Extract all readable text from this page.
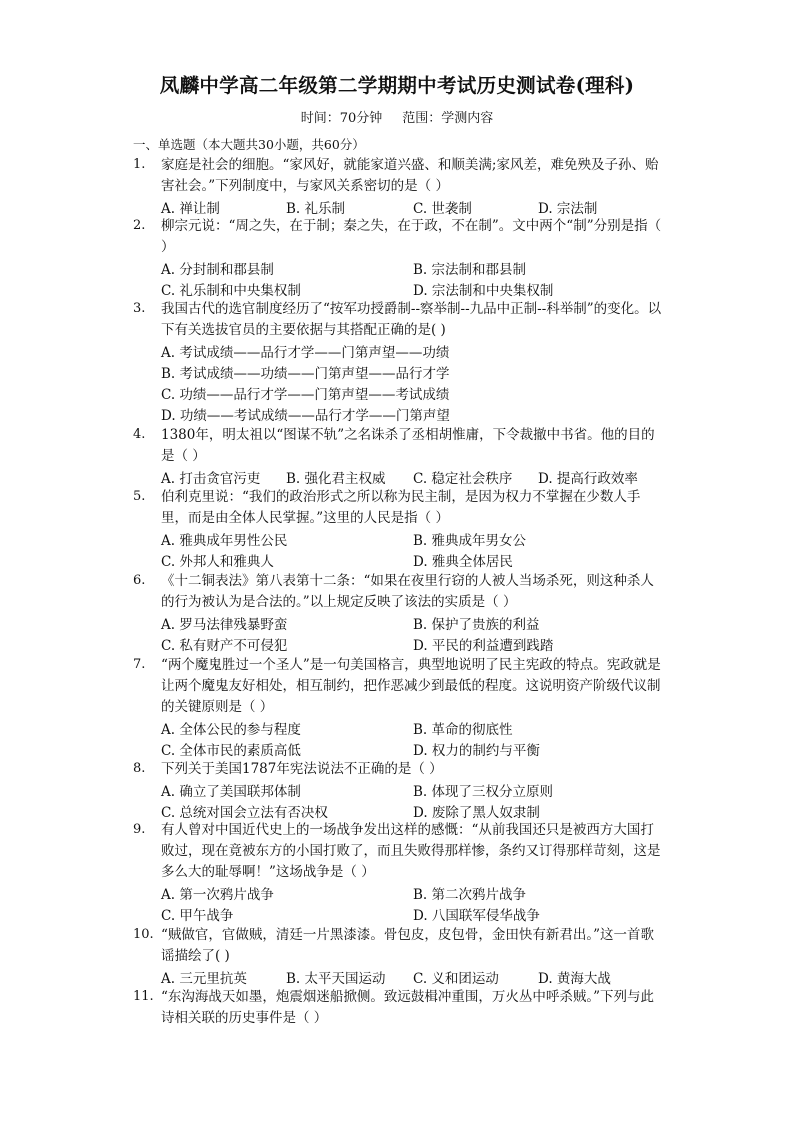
凤麟中学高二年级第二学期期中考试历史测试卷(理科)
时间：70分钟 范围：学测内容
一、单选题（本大题共30小题，共60分）
1. 家庭是社会的细胞。“家风好，就能家道兴盛、和顺美满;家风差，难免殃及子孙、贻害社会。”下列制度中，与家风关系密切的是（ ）
A. 禅让制	B. 礼乐制	C. 世袭制	D. 宗法制
2. 柳宗元说：“周之失，在于制；秦之失，在于政，不在制”。文中两个“制”分别是指（ ）
A. 分封制和郡县制	B. 宗法制和郡县制
C. 礼乐制和中央集权制	D. 宗法制和中央集权制
3. 我国古代的选官制度经历了“按军功授爵制--察举制--九品中正制--科举制”的变化。以下有关选拔官员的主要依据与其搭配正确的是( )
A. 考试成绩——品行才学——门第声望——功绩
B. 考试成绩——功绩——门第声望——品行才学
C. 功绩——品行才学——门第声望——考试成绩
D. 功绩——考试成绩——品行才学——门第声望
4. 1380年，明太祖以“图谋不轨”之名诛杀了丞相胡惟庸，下令裁撤中书省。他的目的是（ ）
A. 打击贪官污吏 B. 强化君主权威 C. 稳定社会秩序 D. 提高行政效率
5. 伯利克里说：“我们的政治形式之所以称为民主制，是因为权力不掌握在少数人手里，而是由全体人民掌握。”这里的人民是指（ ）
A. 雅典成年男性公民	B. 雅典成年男女公
C. 外邦人和雅典人	D. 雅典全体居民
6. 《十二铜表法》第八表第十二条：“如果在夜里行窃的人被人当场杀死，则这种杀人的行为被认为是合法的。”以上规定反映了该法的实质是（ ）
A. 罗马法律残暴野蛮	B. 保护了贵族的利益
C. 私有财产不可侵犯	D. 平民的利益遭到践踏
7. “两个魔鬼胜过一个圣人”是一句美国格言，典型地说明了民主宪政的特点。宪政就是让两个魔鬼友好相处，相互制约，把作恶减少到最低的程度。这说明资产阶级代议制的关键原则是（ ）
A. 全体公民的参与程度	B. 革命的彻底性
C. 全体市民的素质高低	D. 权力的制约与平衡
8. 下列关于美国1787年宪法说法不正确的是（ ）
A. 确立了美国联邦体制	B. 体现了三权分立原则
C. 总统对国会立法有否决权	D. 废除了黑人奴隶制
9. 有人曾对中国近代史上的一场战争发出这样的感慨：“从前我国还只是被西方大国打败过，现在竟被东方的小国打败了，而且失败得那样惨，条约又订得那样苛刻，这是多么大的耻辱啊！”这场战争是（ ）
A. 第一次鸦片战争	B. 第二次鸦片战争
C. 甲午战争	D. 八国联军侵华战争
10. “贼做官，官做贼，清廷一片黑漆漆。骨包皮，皮包骨，金田快有新君出。”这一首歌谣描绘了( )
A. 三元里抗英	B. 太平天国运动 C. 义和团运动	D. 黄海大战
11. “东沟海战天如墨，炮震烟迷船掀侧。致远鼓楫冲重围，万火丛中呼杀贼。”下列与此诗相关联的历史事件是（ ）
